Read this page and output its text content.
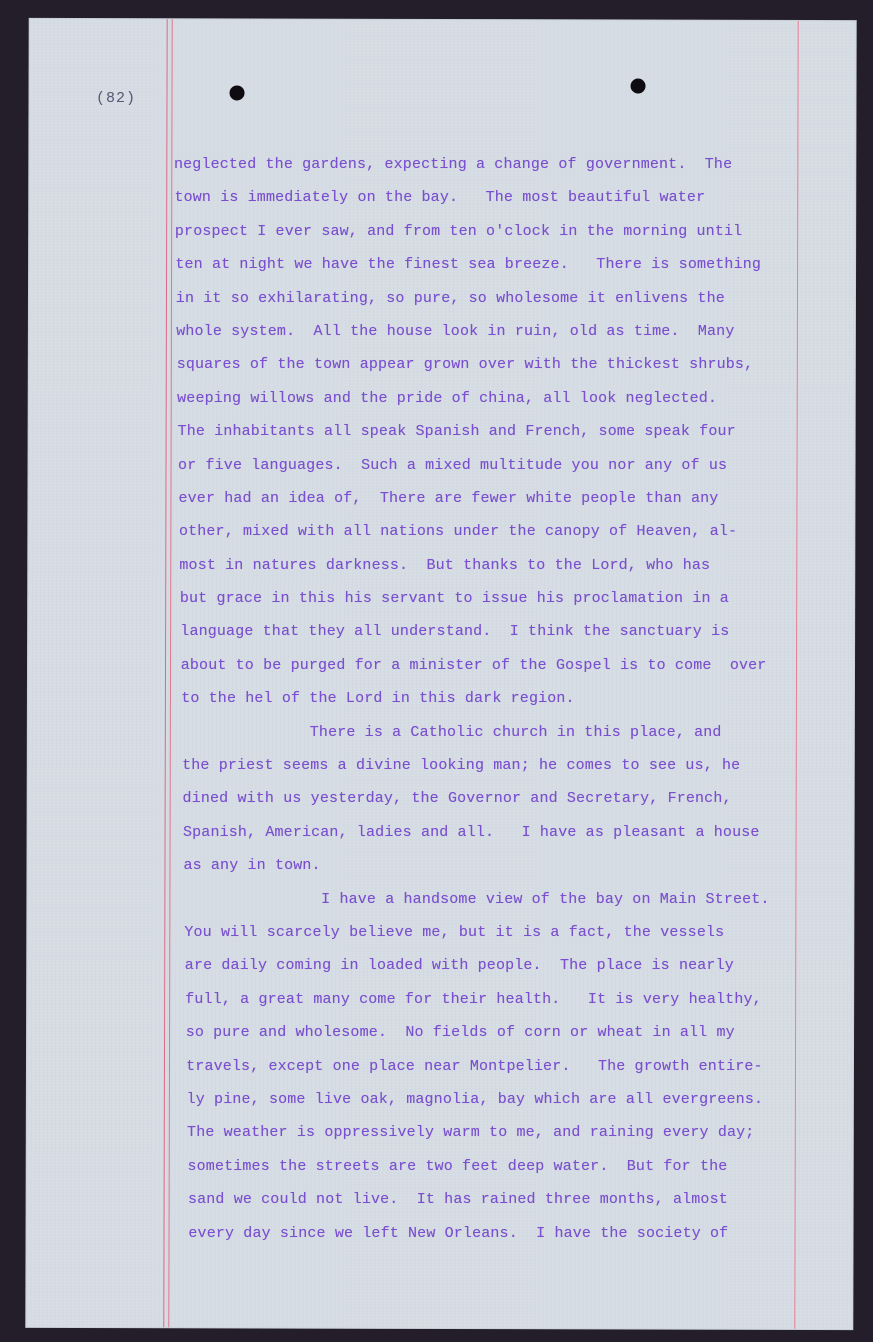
(82)
neglected the gardens, expecting a change of government.  The
town is immediately on the bay.   The most beautiful water
prospect I ever saw, and from ten o'clock in the morning until
ten at night we have the finest sea breeze.   There is something
in it so exhilarating, so pure, so wholesome it enlivens the
whole system.  All the house look in ruin, old as time.  Many
squares of the town appear grown over with the thickest shrubs,
weeping willows and the pride of china, all look neglected.
The inhabitants all speak Spanish and French, some speak four
or five languages.  Such a mixed multitude you nor any of us
ever had an idea of,  There are fewer white people than any
other, mixed with all nations under the canopy of Heaven, al-
most in natures darkness.  But thanks to the Lord, who has
but grace in this his servant to issue his proclamation in a
language that they all understand.  I think the sanctuary is
about to be purged for a minister of the Gospel is to come  over
to the hel of the Lord in this dark region.
There is a Catholic church in this place, and
the priest seems a divine looking man; he comes to see us, he
dined with us yesterday, the Governor and Secretary, French,
Spanish, American, ladies and all.   I have as pleasant a house
as any in town.
I have a handsome view of the bay on Main Street.
You will scarcely believe me, but it is a fact, the vessels
are daily coming in loaded with people.  The place is nearly
full, a great many come for their health.   It is very healthy,
so pure and wholesome.  No fields of corn or wheat in all my
travels, except one place near Montpelier.   The growth entire-
ly pine, some live oak, magnolia, bay which are all evergreens.
The weather is oppressively warm to me, and raining every day;
sometimes the streets are two feet deep water.  But for the
sand we could not live.  It has rained three months, almost
every day since we left New Orleans.  I have the society of
